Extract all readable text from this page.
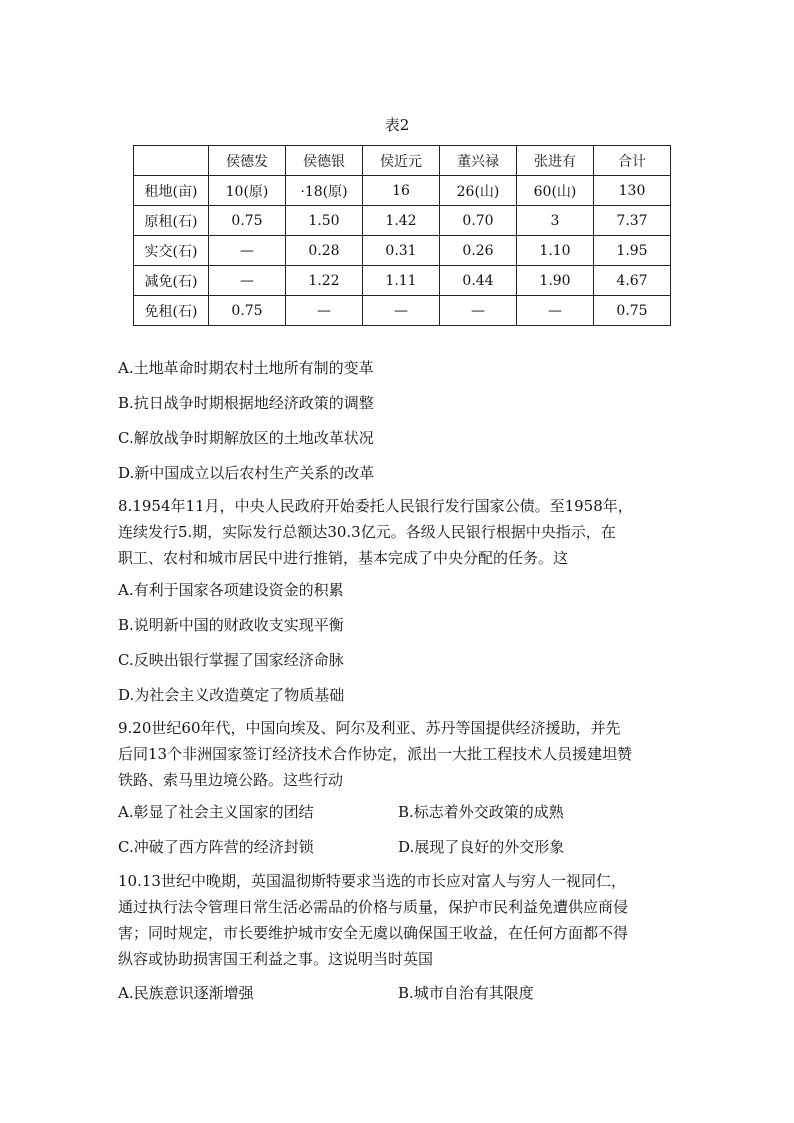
表2
	侯德发	侯德银	侯近元	董兴禄	张进有	合计
租地(亩)	10(原)	·18(原)	16	26(山)	60(山)	130
原租(石)	0.75	1.50	1.42	0.70	3	7.37
实交(石)	—	0.28	0.31	0.26	1.10	1.95
减免(石)	—	1.22	1.11	0.44	1.90	4.67
免租(石)	0.75	—	—	—	—	0.75

A.土地革命时期农村土地所有制的变革

B.抗日战争时期根据地经济政策的调整

C.解放战争时期解放区的土地改革状况

D.新中国成立以后农村生产关系的改革

8.1954年11月，中央人民政府开始委托人民银行发行国家公债。至1958年，

连续发行5.期，实际发行总额达30.3亿元。各级人民银行根据中央指示，在

职工、农村和城市居民中进行推销，基本完成了中央分配的任务。这

A.有利于国家各项建设资金的积累

B.说明新中国的财政收支实现平衡

C.反映出银行掌握了国家经济命脉

D.为社会主义改造奠定了物质基础

9.20世纪60年代，中国向埃及、阿尔及利亚、苏丹等国提供经济援助，并先

后同13个非洲国家签订经济技术合作协定，派出一大批工程技术人员援建坦赞

铁路、索马里边境公路。这些行动

A.彰显了社会主义国家的团结	B.标志着外交政策的成熟

C.冲破了西方阵营的经济封锁	D.展现了良好的外交形象

10.13世纪中晚期，英国温彻斯特要求当选的市长应对富人与穷人一视同仁，

通过执行法令管理日常生活必需品的价格与质量，保护市民利益免遭供应商侵

害；同时规定，市长要维护城市安全无虞以确保国王收益，在任何方面都不得

纵容或协助损害国王利益之事。这说明当时英国

A.民族意识逐渐增强	B.城市自治有其限度
